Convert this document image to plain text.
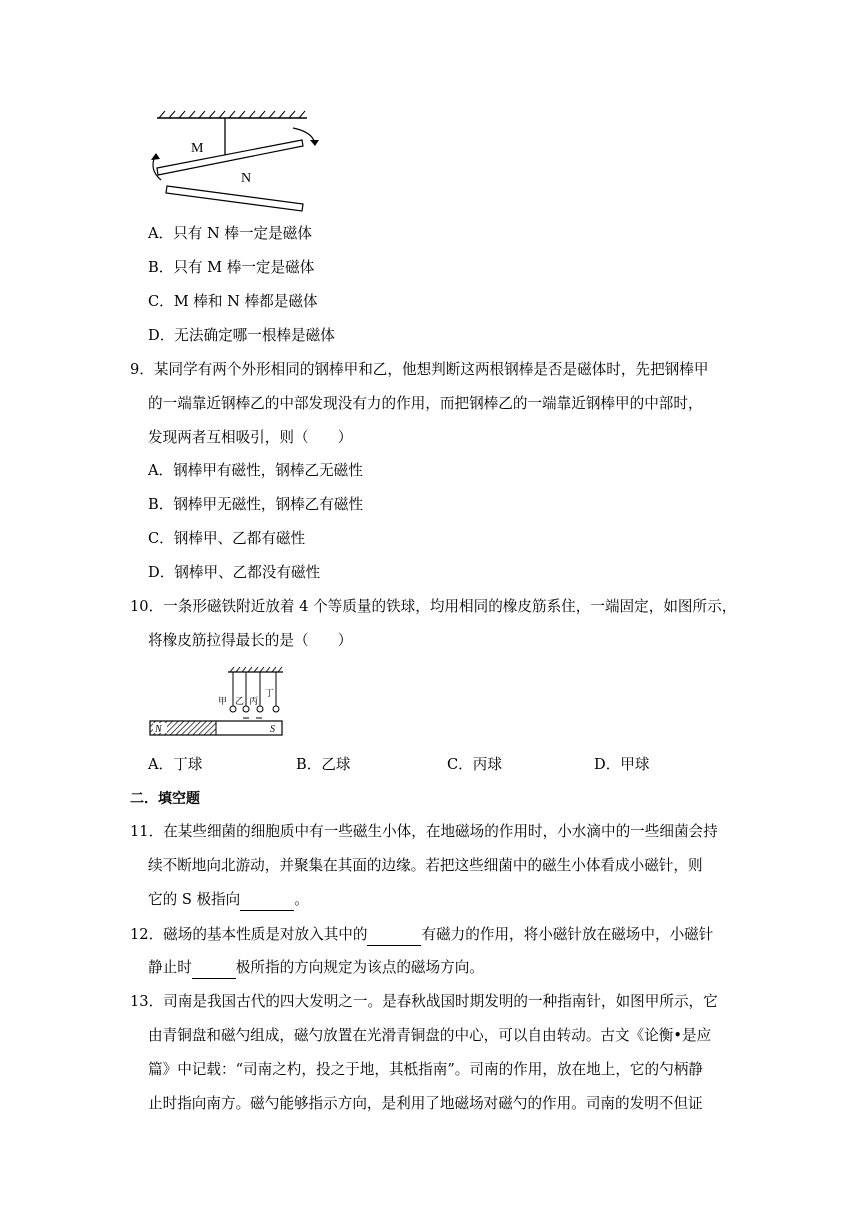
M
N
A．只有 N 棒一定是磁体
B．只有 M 棒一定是磁体
C．M 棒和 N 棒都是磁体
D．无法确定哪一根棒是磁体
9．某同学有两个外形相同的钢棒甲和乙，他想判断这两根钢棒是否是磁体时，先把钢棒甲
的一端靠近钢棒乙的中部发现没有力的作用，而把钢棒乙的一端靠近钢棒甲的中部时，
发现两者互相吸引，则（　　）
A．钢棒甲有磁性，钢棒乙无磁性
B．钢棒甲无磁性，钢棒乙有磁性
C．钢棒甲、乙都有磁性
D．钢棒甲、乙都没有磁性
10．一条形磁铁附近放着 4 个等质量的铁球，均用相同的橡皮筋系住，一端固定，如图所示，
将橡皮筋拉得最长的是（　　）
甲 乙 丙
丁
N	S
A．丁球	B．乙球	C．丙球	D．甲球
二．填空题
11．在某些细菌的细胞质中有一些磁生小体，在地磁场的作用时，小水滴中的一些细菌会持
续不断地向北游动，并聚集在其面的边缘。若把这些细菌中的磁生小体看成小磁针，则
它的 S 极指向	。
12．磁场的基本性质是对放入其中的	有磁力的作用，将小磁针放在磁场中，小磁针
静止时	极所指的方向规定为该点的磁场方向。
13．司南是我国古代的四大发明之一。是春秋战国时期发明的一种指南针，如图甲所示，它
由青铜盘和磁勺组成，磁勺放置在光滑青铜盘的中心，可以自由转动。古文《论衡•是应
篇》中记载：“司南之杓，投之于地，其柢指南”。司南的作用，放在地上，它的勺柄静
止时指向南方。磁勺能够指示方向，是利用了地磁场对磁勺的作用。司南的发明不但证
